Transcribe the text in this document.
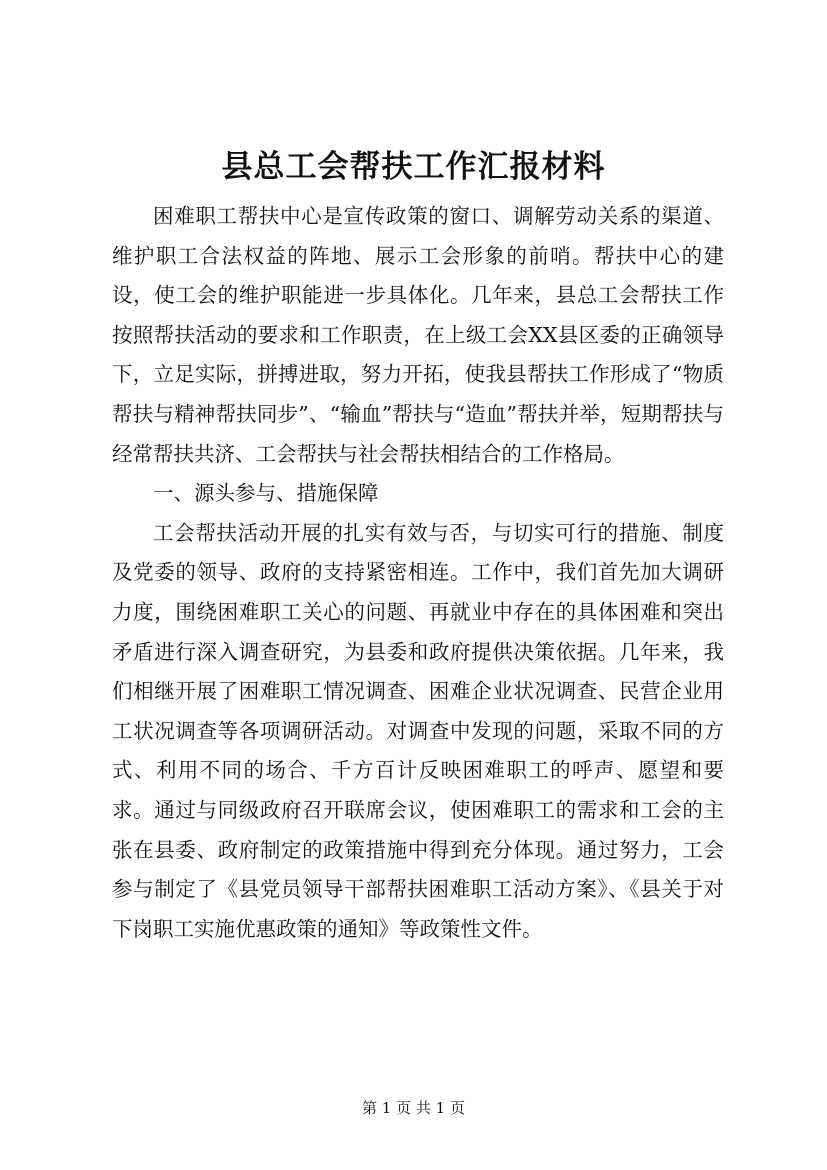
县总工会帮扶工作汇报材料

困难职工帮扶中心是宣传政策的窗口、调解劳动关系的渠道、维护职工合法权益的阵地、展示工会形象的前哨。帮扶中心的建设，使工会的维护职能进一步具体化。几年来，县总工会帮扶工作按照帮扶活动的要求和工作职责，在上级工会XX县区委的正确领导下，立足实际，拼搏进取，努力开拓，使我县帮扶工作形成了“物质帮扶与精神帮扶同步”、“输血”帮扶与“造血”帮扶并举，短期帮扶与经常帮扶共济、工会帮扶与社会帮扶相结合的工作格局。

一、源头参与、措施保障

工会帮扶活动开展的扎实有效与否，与切实可行的措施、制度及党委的领导、政府的支持紧密相连。工作中，我们首先加大调研力度，围绕困难职工关心的问题、再就业中存在的具体困难和突出矛盾进行深入调查研究，为县委和政府提供决策依据。几年来，我们相继开展了困难职工情况调查、困难企业状况调查、民营企业用工状况调查等各项调研活动。对调查中发现的问题，采取不同的方式、利用不同的场合、千方百计反映困难职工的呼声、愿望和要求。通过与同级政府召开联席会议，使困难职工的需求和工会的主张在县委、政府制定的政策措施中得到充分体现。通过努力，工会参与制定了《县党员领导干部帮扶困难职工活动方案》、《县关于对下岗职工实施优惠政策的通知》等政策性文件。

第 1 页 共 1 页
